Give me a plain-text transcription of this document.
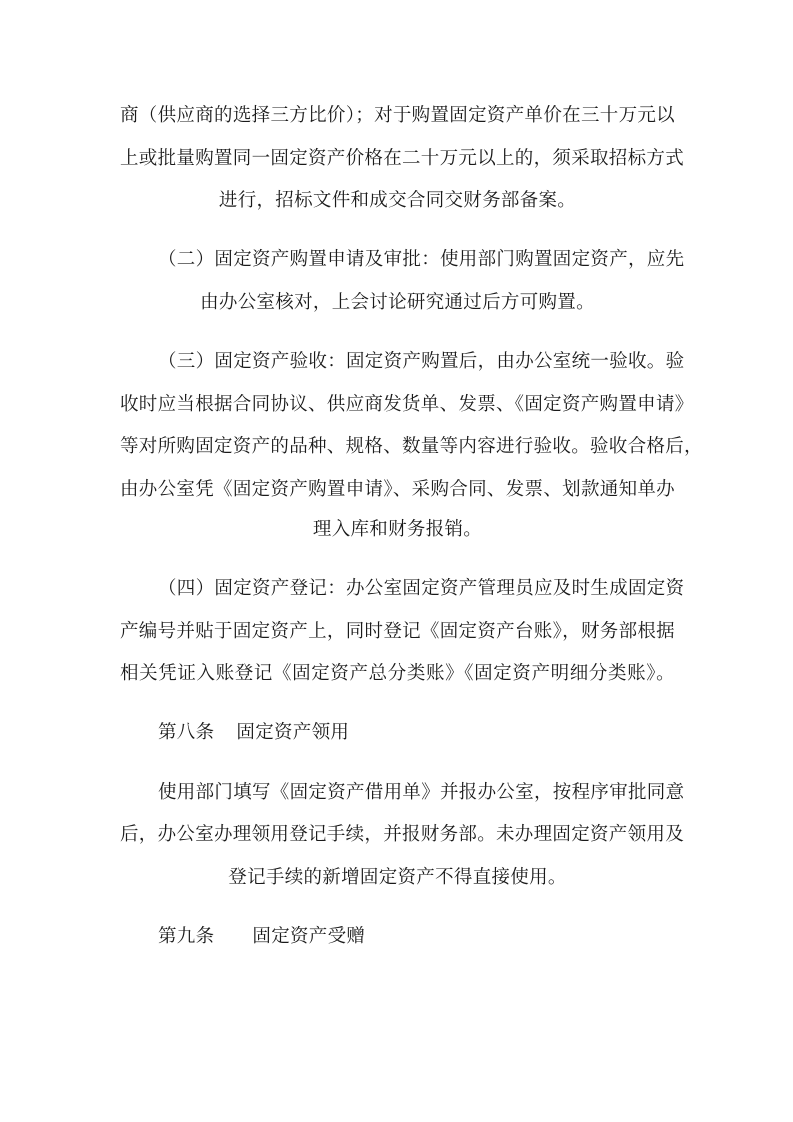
商（供应商的选择三方比价）；对于购置固定资产单价在三十万元以
上或批量购置同一固定资产价格在二十万元以上的，须采取招标方式
进行，招标文件和成交合同交财务部备案。
（二）固定资产购置申请及审批：使用部门购置固定资产，应先
由办公室核对，上会讨论研究通过后方可购置。
（三）固定资产验收：固定资产购置后，由办公室统一验收。验
收时应当根据合同协议、供应商发货单、发票、《固定资产购置申请》
等对所购固定资产的品种、规格、数量等内容进行验收。验收合格后，
由办公室凭《固定资产购置申请》、采购合同、发票、划款通知单办
理入库和财务报销。
（四）固定资产登记：办公室固定资产管理员应及时生成固定资
产编号并贴于固定资产上，同时登记《固定资产台账》，财务部根据
相关凭证入账登记《固定资产总分类账》《固定资产明细分类账》。
第八条 固定资产领用
使用部门填写《固定资产借用单》并报办公室，按程序审批同意
后，办公室办理领用登记手续，并报财务部。未办理固定资产领用及
登记手续的新增固定资产不得直接使用。
第九条 固定资产受赠
